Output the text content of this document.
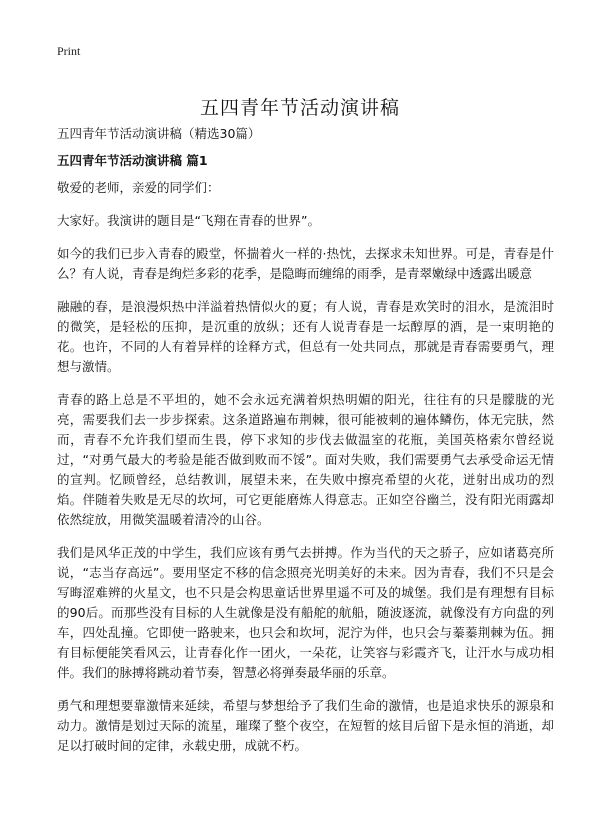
Print
五四青年节活动演讲稿
五四青年节活动演讲稿（精选30篇）
五四青年节活动演讲稿 篇1

敬爱的老师，亲爱的同学们：

大家好。我演讲的题目是“飞翔在青春的世界”。

如今的我们已步入青春的殿堂，怀揣着火一样的·热忱，去探求未知世界。可是，青春是什么？有人说，青春是绚烂多彩的花季，是隐晦而缠绵的雨季，是青翠嫩绿中透露出暖意

融融的春，是浪漫炽热中洋溢着热情似火的夏；有人说，青春是欢笑时的泪水，是流泪时的微笑，是轻松的压抑，是沉重的放纵；还有人说青春是一坛醇厚的酒，是一束明艳的花。也许，不同的人有着异样的诠释方式，但总有一处共同点，那就是青春需要勇气，理想与激情。

青春的路上总是不平坦的，她不会永远充满着炽热明媚的阳光，往往有的只是朦胧的光亮，需要我们去一步步探索。这条道路遍布荆棘，很可能被刺的遍体鳞伤，体无完肤，然而，青春不允许我们望而生畏，停下求知的步伐去做温室的花瓶，美国英格索尔曾经说过，“对勇气最大的考验是能否做到败而不馁”。面对失败，我们需要勇气去承受命运无情的宣判。忆顾曾经，总结教训，展望未来，在失败中擦亮希望的火花，迸射出成功的烈焰。伴随着失败是无尽的坎坷，可它更能磨炼人得意志。正如空谷幽兰，没有阳光雨露却依然绽放，用微笑温暖着清冷的山谷。

我们是风华正茂的中学生，我们应该有勇气去拼搏。作为当代的天之骄子，应如诸葛亮所说，“志当存高远”。要用坚定不移的信念照亮光明美好的未来。因为青春，我们不只是会写晦涩难辨的火星文，也不只是会构思童话世界里遥不可及的城堡。我们是有理想有目标的90后。而那些没有目标的人生就像是没有船舵的航船，随波逐流，就像没有方向盘的列车，四处乱撞。它即使一路驶来，也只会和坎坷，泥泞为伴，也只会与蓁蓁荆棘为伍。拥有目标便能笑看风云，让青春化作一团火，一朵花，让笑容与彩霞齐飞，让汗水与成功相伴。我们的脉搏将跳动着节奏，智慧必将弹奏最华丽的乐章。

勇气和理想要靠激情来延续，希望与梦想给予了我们生命的激情，也是追求快乐的源泉和动力。激情是划过天际的流星，璀璨了整个夜空，在短暂的炫目后留下是永恒的消逝，却足以打破时间的定律，永载史册，成就不朽。
